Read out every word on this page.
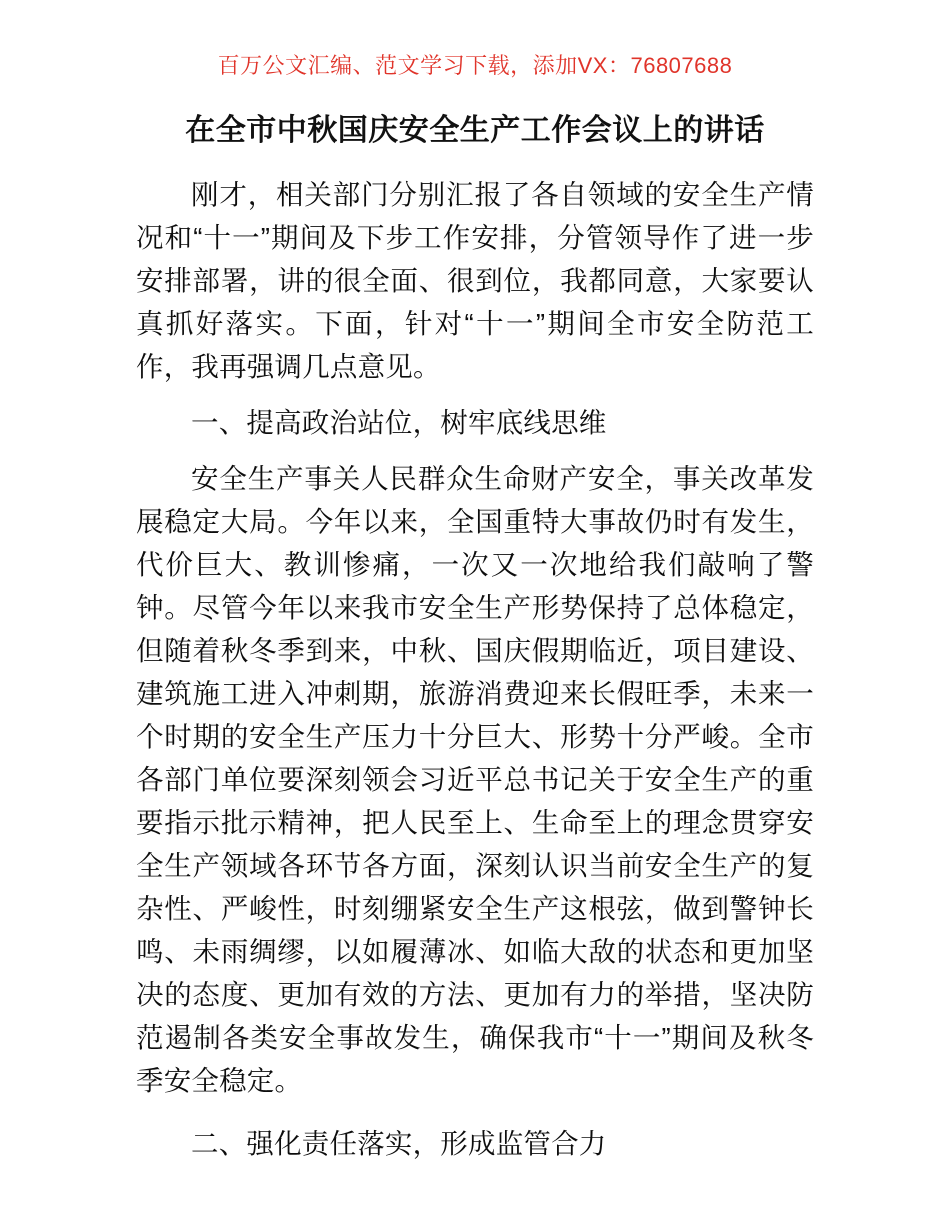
百万公文汇编、范文学习下载，添加VX：76807688
在全市中秋国庆安全生产工作会议上的讲话

刚才，相关部门分别汇报了各自领域的安全生产情况和“十一”期间及下步工作安排，分管领导作了进一步安排部署，讲的很全面、很到位，我都同意，大家要认真抓好落实。下面，针对“十一”期间全市安全防范工作，我再强调几点意见。

一、提高政治站位，树牢底线思维

安全生产事关人民群众生命财产安全，事关改革发展稳定大局。今年以来，全国重特大事故仍时有发生，代价巨大、教训惨痛，一次又一次地给我们敲响了警钟。尽管今年以来我市安全生产形势保持了总体稳定，但随着秋冬季到来，中秋、国庆假期临近，项目建设、建筑施工进入冲刺期，旅游消费迎来长假旺季，未来一个时期的安全生产压力十分巨大、形势十分严峻。全市各部门单位要深刻领会习近平总书记关于安全生产的重要指示批示精神，把人民至上、生命至上的理念贯穿安全生产领域各环节各方面，深刻认识当前安全生产的复杂性、严峻性，时刻绷紧安全生产这根弦，做到警钟长鸣、未雨绸缪，以如履薄冰、如临大敌的状态和更加坚决的态度、更加有效的方法、更加有力的举措，坚决防范遏制各类安全事故发生，确保我市“十一”期间及秋冬季安全稳定。

二、强化责任落实，形成监管合力
